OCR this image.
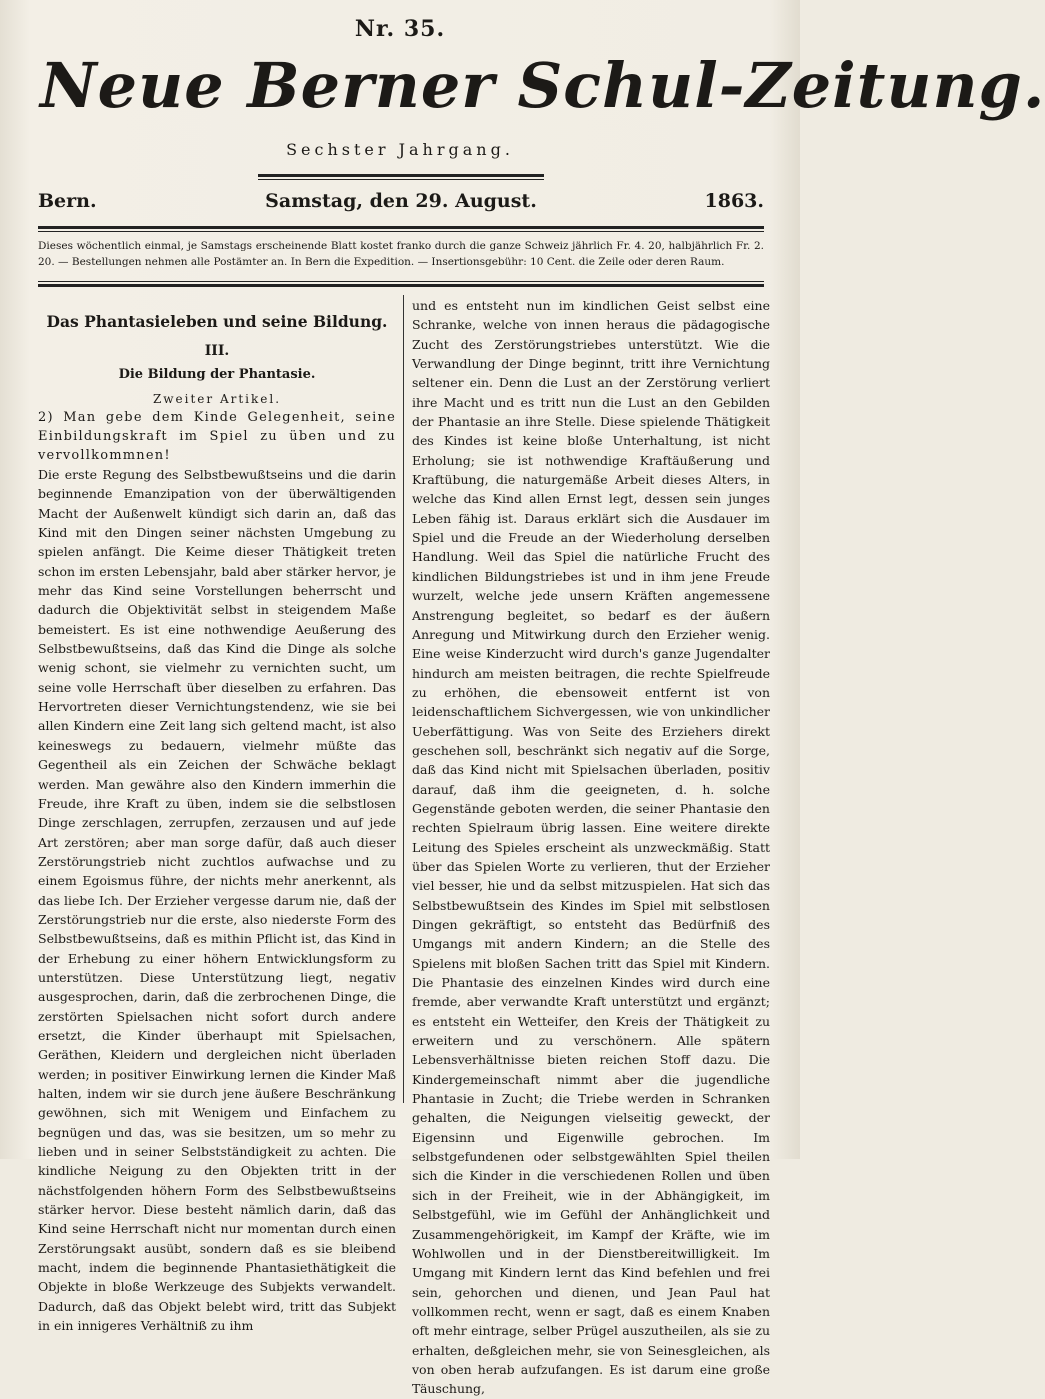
Nr. 35.
Neue Berner Schul-Zeitung.
Sechster Jahrgang.
Bern.	Samstag, den 29. August.	1863.
Dieses wöchentlich einmal, je Samstags erscheinende Blatt kostet franko durch die ganze Schweiz jährlich Fr. 4. 20, halbjährlich Fr. 2. 20. — Bestellungen nehmen alle Postämter an. In Bern die Expedition. — Insertionsgebühr: 10 Cent. die Zeile oder deren Raum.
Das Phantasieleben und seine Bildung.
III.
Die Bildung der Phantasie.
Zweiter Artikel.

2) Man gebe dem Kinde Gelegenheit, seine Einbildungskraft im Spiel zu üben und zu vervollkommnen!

Die erste Regung des Selbstbewußtseins und die darin beginnende Emanzipation von der überwältigenden Macht der Außenwelt kündigt sich darin an, daß das Kind mit den Dingen seiner nächsten Umgebung zu spielen anfängt. Die Keime dieser Thätigkeit treten schon im ersten Lebensjahr, bald aber stärker hervor, je mehr das Kind seine Vorstellungen beherrscht und dadurch die Objektivität selbst in steigendem Maße bemeistert. Es ist eine nothwendige Aeußerung des Selbstbewußtseins, daß das Kind die Dinge als solche wenig schont, sie vielmehr zu vernichten sucht, um seine volle Herrschaft über dieselben zu erfahren. Das Hervortreten dieser Vernichtungstendenz, wie sie bei allen Kindern eine Zeit lang sich geltend macht, ist also keineswegs zu bedauern, vielmehr müßte das Gegentheil als ein Zeichen der Schwäche beklagt werden. Man gewähre also den Kindern immerhin die Freude, ihre Kraft zu üben, indem sie die selbstlosen Dinge zerschlagen, zerrupfen, zerzausen und auf jede Art zerstören; aber man sorge dafür, daß auch dieser Zerstörungstrieb nicht zuchtlos aufwachse und zu einem Egoismus führe, der nichts mehr anerkennt, als das liebe Ich. Der Erzieher vergesse darum nie, daß der Zerstörungstrieb nur die erste, also niederste Form des Selbstbewußtseins, daß es mithin Pflicht ist, das Kind in der Erhebung zu einer höhern Entwicklungsform zu unterstützen. Diese Unterstützung liegt, negativ ausgesprochen, darin, daß die zerbrochenen Dinge, die zerstörten Spielsachen nicht sofort durch andere ersetzt, die Kinder überhaupt mit Spielsachen, Geräthen, Kleidern und dergleichen nicht überladen werden; in positiver Einwirkung lernen die Kinder Maß halten, indem wir sie durch jene äußere Beschränkung gewöhnen, sich mit Wenigem und Einfachem zu begnügen und das, was sie besitzen, um so mehr zu lieben und in seiner Selbstständigkeit zu achten. Die kindliche Neigung zu den Objekten tritt in der nächstfolgenden höhern Form des Selbstbewußtseins stärker hervor. Diese besteht nämlich darin, daß das Kind seine Herrschaft nicht nur momentan durch einen Zerstörungsakt ausübt, sondern daß es sie bleibend macht, indem die beginnende Phantasiethätigkeit die Objekte in bloße Werkzeuge des Subjekts verwandelt. Dadurch, daß das Objekt belebt wird, tritt das Subjekt in ein innigeres Verhältniß zu ihm

und es entsteht nun im kindlichen Geist selbst eine Schranke, welche von innen heraus die pädagogische Zucht des Zerstörungstriebes unterstützt. Wie die Verwandlung der Dinge beginnt, tritt ihre Vernichtung seltener ein. Denn die Lust an der Zerstörung verliert ihre Macht und es tritt nun die Lust an den Gebilden der Phantasie an ihre Stelle. Diese spielende Thätigkeit des Kindes ist keine bloße Unterhaltung, ist nicht Erholung; sie ist nothwendige Kraftäußerung und Kraftübung, die naturgemäße Arbeit dieses Alters, in welche das Kind allen Ernst legt, dessen sein junges Leben fähig ist. Daraus erklärt sich die Ausdauer im Spiel und die Freude an der Wiederholung derselben Handlung. Weil das Spiel die natürliche Frucht des kindlichen Bildungstriebes ist und in ihm jene Freude wurzelt, welche jede unsern Kräften angemessene Anstrengung begleitet, so bedarf es der äußern Anregung und Mitwirkung durch den Erzieher wenig. Eine weise Kinderzucht wird durch's ganze Jugendalter hindurch am meisten beitragen, die rechte Spielfreude zu erhöhen, die ebensoweit entfernt ist von leidenschaftlichem Sichvergessen, wie von unkindlicher Ueberfättigung. Was von Seite des Erziehers direkt geschehen soll, beschränkt sich negativ auf die Sorge, daß das Kind nicht mit Spielsachen überladen, positiv darauf, daß ihm die geeigneten, d. h. solche Gegenstände geboten werden, die seiner Phantasie den rechten Spielraum übrig lassen. Eine weitere direkte Leitung des Spieles erscheint als unzweckmäßig. Statt über das Spielen Worte zu verlieren, thut der Erzieher viel besser, hie und da selbst mitzuspielen. Hat sich das Selbstbewußtsein des Kindes im Spiel mit selbstlosen Dingen gekräftigt, so entsteht das Bedürfniß des Umgangs mit andern Kindern; an die Stelle des Spielens mit bloßen Sachen tritt das Spiel mit Kindern. Die Phantasie des einzelnen Kindes wird durch eine fremde, aber verwandte Kraft unterstützt und ergänzt; es entsteht ein Wetteifer, den Kreis der Thätigkeit zu erweitern und zu verschönern. Alle spätern Lebensverhältnisse bieten reichen Stoff dazu. Die Kindergemeinschaft nimmt aber die jugendliche Phantasie in Zucht; die Triebe werden in Schranken gehalten, die Neigungen vielseitig geweckt, der Eigensinn und Eigenwille gebrochen. Im selbstgefundenen oder selbstgewählten Spiel theilen sich die Kinder in die verschiedenen Rollen und üben sich in der Freiheit, wie in der Abhängigkeit, im Selbstgefühl, wie im Gefühl der Anhänglichkeit und Zusammengehörigkeit, im Kampf der Kräfte, wie im Wohlwollen und in der Dienstbereitwilligkeit. Im Umgang mit Kindern lernt das Kind befehlen und frei sein, gehorchen und dienen, und Jean Paul hat vollkommen recht, wenn er sagt, daß es einem Knaben oft mehr eintrage, selber Prügel auszutheilen, als sie zu erhalten, deßgleichen mehr, sie von Seinesgleichen, als von oben herab aufzufangen. Es ist darum eine große Täuschung,
